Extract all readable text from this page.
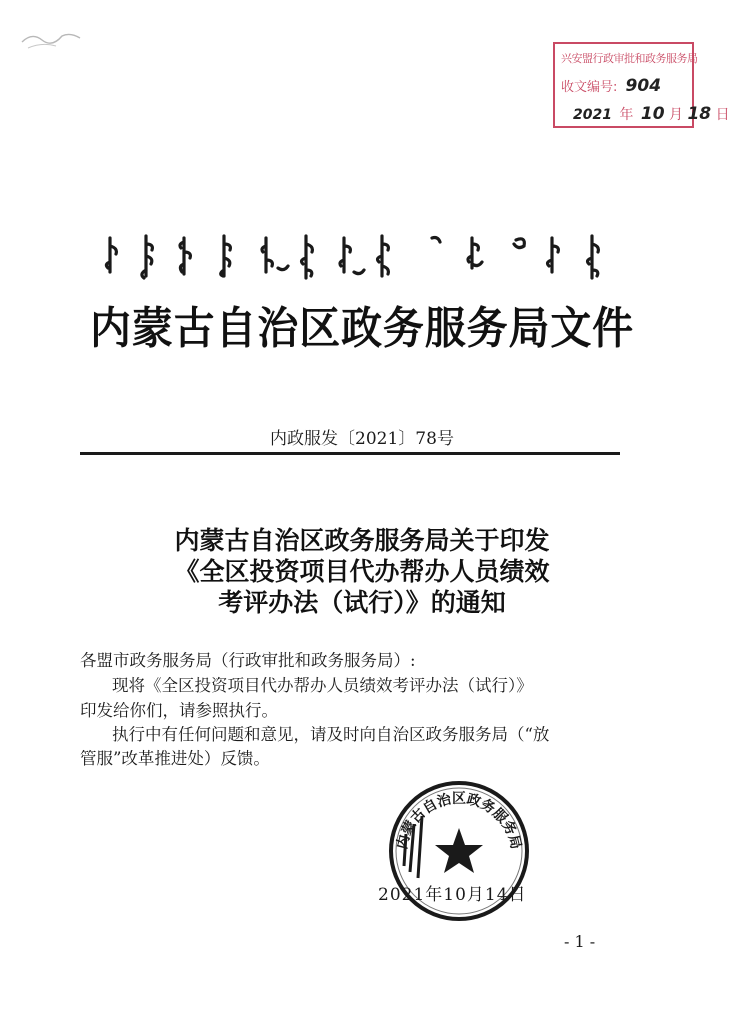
兴安盟行政审批和政务服务局
收文编号: 904
2021 年 10 月 18 日
内蒙古自治区政务服务局文件
内政服发〔2021〕78号
内蒙古自治区政务服务局关于印发
《全区投资项目代办帮办人员绩效
考评办法（试行）》的通知
各盟市政务服务局（行政审批和政务服务局）:
现将《全区投资项目代办帮办人员绩效考评办法（试行）》
印发给你们，请参照执行。
执行中有任何问题和意见，请及时向自治区政务服务局（“放
管服”改革推进处）反馈。
内蒙古自治区政务服务局
2021年10月14日
- 1 -
